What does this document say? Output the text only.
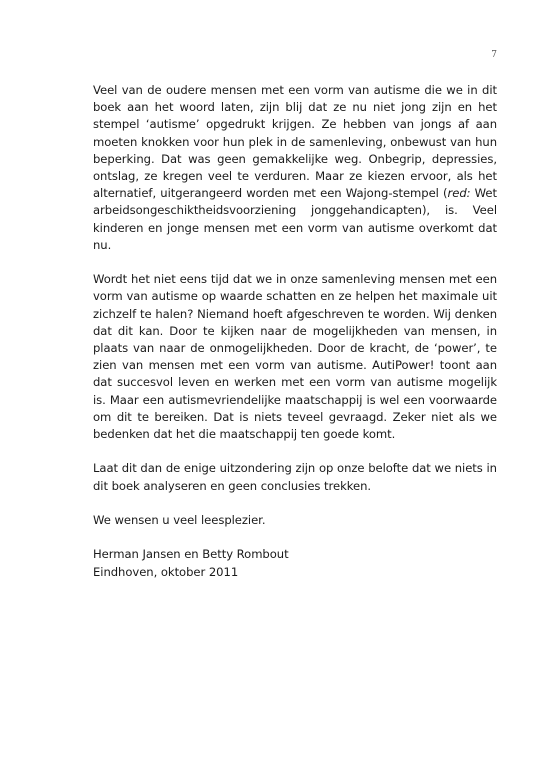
7

Veel van de oudere mensen met een vorm van autisme die we in dit boek aan het woord laten, zijn blij dat ze nu niet jong zijn en het stempel ‘autisme’ opgedrukt krijgen. Ze hebben van jongs af aan moeten knokken voor hun plek in de samenleving, onbewust van hun beperking. Dat was geen gemakkelijke weg. Onbegrip, depressies, ontslag, ze kregen veel te verduren. Maar ze kiezen ervoor, als het alternatief, uitgerangeerd worden met een Wajong-stempel (red: Wet arbeidsongeschiktheidsvoorziening jonggehandicapten), is. Veel kinderen en jonge mensen met een vorm van autisme overkomt dat nu.

Wordt het niet eens tijd dat we in onze samenleving mensen met een vorm van autisme op waarde schatten en ze helpen het maximale uit zichzelf te halen? Niemand hoeft afgeschreven te worden. Wij denken dat dit kan. Door te kijken naar de mogelijkheden van mensen, in plaats van naar de onmogelijkheden. Door de kracht, de ‘power’, te zien van mensen met een vorm van autisme. AutiPower! toont aan dat succesvol leven en werken met een vorm van autisme mogelijk is. Maar een autismevriendelijke maatschappij is wel een voorwaarde om dit te bereiken. Dat is niets teveel gevraagd. Zeker niet als we bedenken dat het die maatschappij ten goede komt.

Laat dit dan de enige uitzondering zijn op onze belofte dat we niets in dit boek analyseren en geen conclusies trekken.

We wensen u veel leesplezier.

Herman Jansen en Betty Rombout
Eindhoven, oktober 2011
